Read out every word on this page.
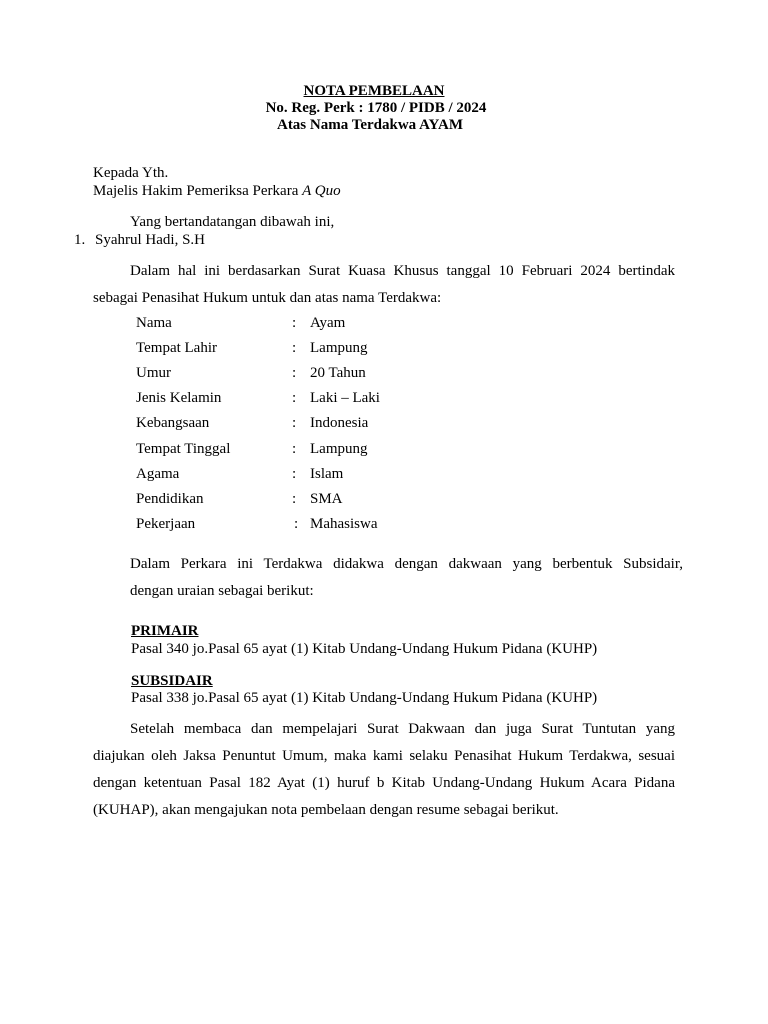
NOTA PEMBELAAN
No. Reg. Perk : 1780 / PIDB / 2024
Atas Nama Terdakwa AYAM
Kepada Yth.
Majelis Hakim Pemeriksa Perkara A Quo
Yang bertandatangan dibawah ini,
1. Syahrul Hadi, S.H
Dalam hal ini berdasarkan Surat Kuasa Khusus tanggal 10 Februari 2024 bertindak
sebagai Penasihat Hukum untuk dan atas nama Terdakwa:
Nama	: Ayam
Tempat Lahir	: Lampung
Umur	: 20 Tahun
Jenis Kelamin	: Laki – Laki
Kebangsaan	: Indonesia
Tempat Tinggal	: Lampung
Agama	: Islam
Pendidikan	: SMA
Pekerjaan	: Mahasiswa
Dalam Perkara ini Terdakwa didakwa dengan dakwaan yang berbentuk Subsidair,
dengan uraian sebagai berikut:
PRIMAIR
Pasal 340 jo.Pasal 65 ayat (1) Kitab Undang-Undang Hukum Pidana (KUHP)
SUBSIDAIR
Pasal 338 jo.Pasal 65 ayat (1) Kitab Undang-Undang Hukum Pidana (KUHP)
Setelah membaca dan mempelajari Surat Dakwaan dan juga Surat Tuntutan yang
diajukan oleh Jaksa Penuntut Umum, maka kami selaku Penasihat Hukum Terdakwa, sesuai
dengan ketentuan Pasal 182 Ayat (1) huruf b Kitab Undang-Undang Hukum Acara Pidana
(KUHAP), akan mengajukan nota pembelaan dengan resume sebagai berikut.
